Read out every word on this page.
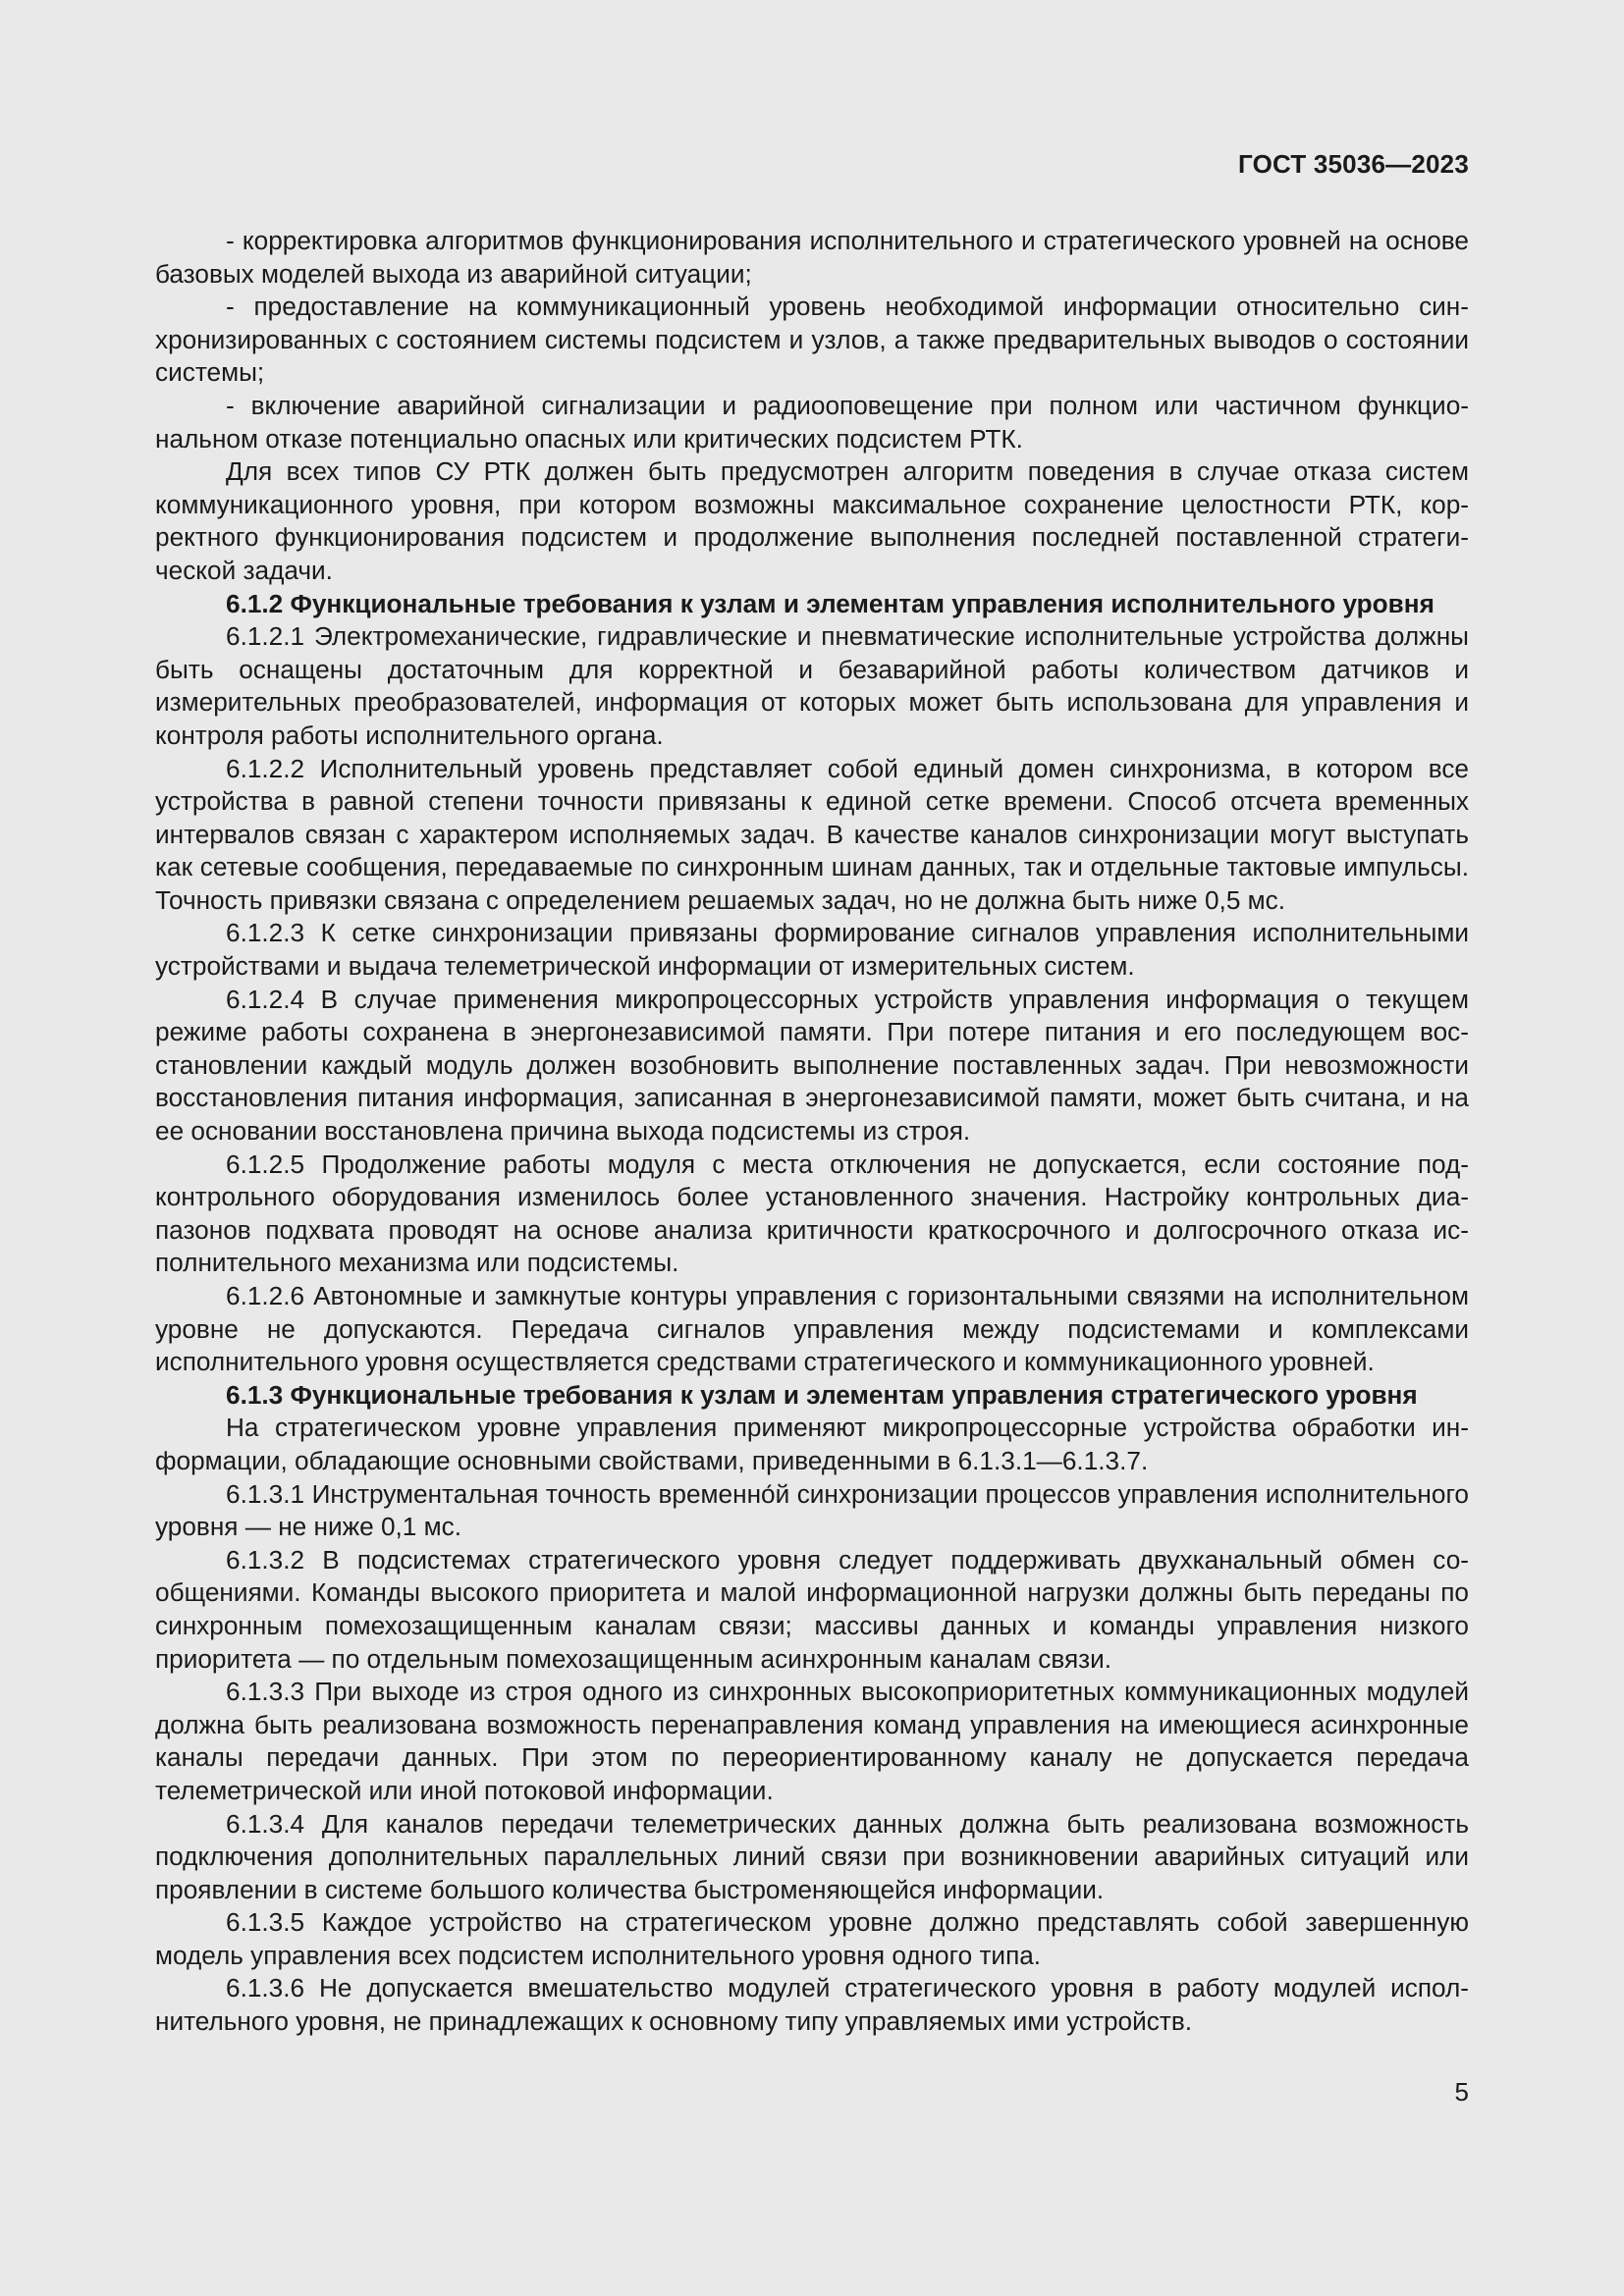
ГОСТ 35036—2023

- корректировка алгоритмов функционирования исполнительного и стратегического уровней на основе базовых моделей выхода из аварийной ситуации;

- предоставление на коммуникационный уровень необходимой информации относительно синхронизированных с состоянием системы подсистем и узлов, а также предварительных выводов о состоянии системы;

- включение аварийной сигнализации и радиооповещение при полном или частичном функциональном отказе потенциально опасных или критических подсистем РТК.

Для всех типов СУ РТК должен быть предусмотрен алгоритм поведения в случае отказа систем коммуникационного уровня, при котором возможны максимальное сохранение целостности РТК, корректного функционирования подсистем и продолжение выполнения последней поставленной стратегической задачи.

6.1.2 Функциональные требования к узлам и элементам управления исполнительного уровня

6.1.2.1 Электромеханические, гидравлические и пневматические исполнительные устройства должны быть оснащены достаточным для корректной и безаварийной работы количеством датчиков и измерительных преобразователей, информация от которых может быть использована для управления и контроля работы исполнительного органа.

6.1.2.2 Исполнительный уровень представляет собой единый домен синхронизма, в котором все устройства в равной степени точности привязаны к единой сетке времени. Способ отсчета временных интервалов связан с характером исполняемых задач. В качестве каналов синхронизации могут выступать как сетевые сообщения, передаваемые по синхронным шинам данных, так и отдельные тактовые импульсы. Точность привязки связана с определением решаемых задач, но не должна быть ниже 0,5 мс.

6.1.2.3 К сетке синхронизации привязаны формирование сигналов управления исполнительными устройствами и выдача телеметрической информации от измерительных систем.

6.1.2.4 В случае применения микропроцессорных устройств управления информация о текущем режиме работы сохранена в энергонезависимой памяти. При потере питания и его последующем восстановлении каждый модуль должен возобновить выполнение поставленных задач. При невозможности восстановления питания информация, записанная в энергонезависимой памяти, может быть считана, и на ее основании восстановлена причина выхода подсистемы из строя.

6.1.2.5 Продолжение работы модуля с места отключения не допускается, если состояние подконтрольного оборудования изменилось более установленного значения. Настройку контрольных диапазонов подхвата проводят на основе анализа критичности краткосрочного и долгосрочного отказа исполнительного механизма или подсистемы.

6.1.2.6 Автономные и замкнутые контуры управления с горизонтальными связями на исполнительном уровне не допускаются. Передача сигналов управления между подсистемами и комплексами исполнительного уровня осуществляется средствами стратегического и коммуникационного уровней.

6.1.3 Функциональные требования к узлам и элементам управления стратегического уровня

На стратегическом уровне управления применяют микропроцессорные устройства обработки информации, обладающие основными свойствами, приведенными в 6.1.3.1—6.1.3.7.

6.1.3.1 Инструментальная точность временно́й синхронизации процессов управления исполнительного уровня — не ниже 0,1 мс.

6.1.3.2 В подсистемах стратегического уровня следует поддерживать двухканальный обмен сообщениями. Команды высокого приоритета и малой информационной нагрузки должны быть переданы по синхронным помехозащищенным каналам связи; массивы данных и команды управления низкого приоритета — по отдельным помехозащищенным асинхронным каналам связи.

6.1.3.3 При выходе из строя одного из синхронных высокоприоритетных коммуникационных модулей должна быть реализована возможность перенаправления команд управления на имеющиеся асинхронные каналы передачи данных. При этом по переориентированному каналу не допускается передача телеметрической или иной потоковой информации.

6.1.3.4 Для каналов передачи телеметрических данных должна быть реализована возможность подключения дополнительных параллельных линий связи при возникновении аварийных ситуаций или проявлении в системе большого количества быстроменяющейся информации.

6.1.3.5 Каждое устройство на стратегическом уровне должно представлять собой завершенную модель управления всех подсистем исполнительного уровня одного типа.

6.1.3.6 Не допускается вмешательство модулей стратегического уровня в работу модулей исполнительного уровня, не принадлежащих к основному типу управляемых ими устройств.

5
